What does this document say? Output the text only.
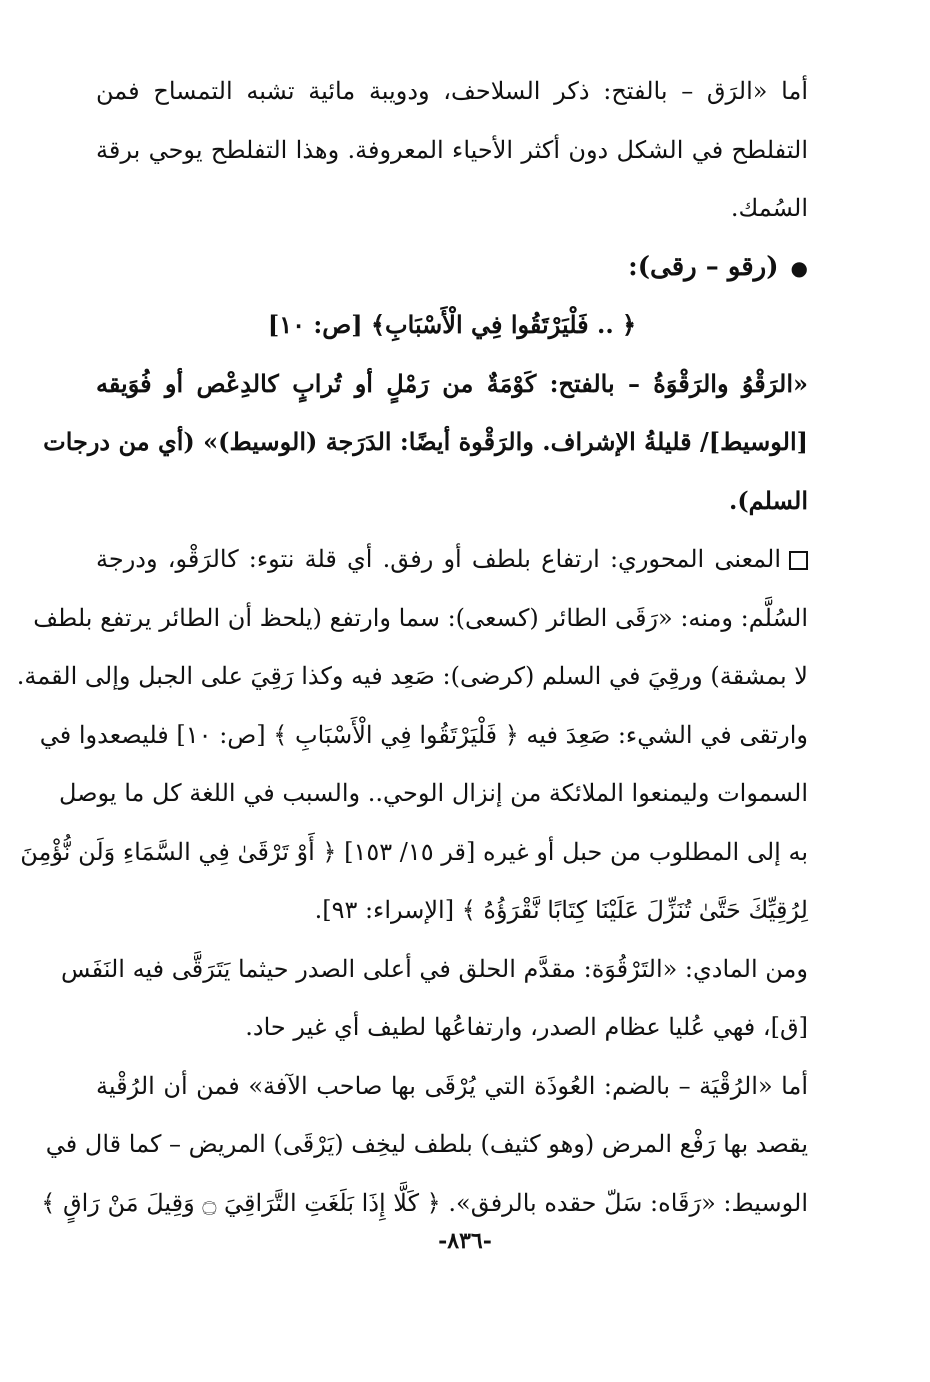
أما «الرَق – بالفتح: ذكر السلاحف، ودويبة مائية تشبه التمساح فمن
التفلطح في الشكل دون أكثر الأحياء المعروفة. وهذا التفلطح يوحي برقة
السُمك.
●(رقو – رقى):
﴿ .. فَلْيَرْتَقُوا فِي الْأَسْبَابِ﴾ [ص: ١٠]
«الرَقْوُ والرَقْوَةُ – بالفتح: كَوْمَةٌ من رَمْلٍ أو تُرابٍ كالدِعْص أو فُوَيقه
[الوسيط]/ قليلةُ الإشراف. والرَقْوة أيضًا: الدَرَجة (الوسيط)» (أي من درجات
السلم).
المعنى المحوري: ارتفاع بلطف أو رفق. أي قلة نتوء: كالرَقْو، ودرجة
السُلَّم: ومنه: «رَقَى الطائر (كسعى): سما وارتفع (يلحظ أن الطائر يرتفع بلطف
لا بمشقة) ورقِيَ في السلم (كرضى): صَعِد فيه وكذا رَقِيَ على الجبل وإلى القمة.
وارتقى في الشيء: صَعِدَ فيه ﴿ فَلْيَرْتَقُوا فِي الْأَسْبَابِ ﴾ [ص: ١٠] فليصعدوا في
السموات وليمنعوا الملائكة من إنزال الوحي.. والسبب في اللغة كل ما يوصل
به إلى المطلوب من حبل أو غيره [قر ١٥/ ١٥٣] ﴿ أَوْ تَرْقَىٰ فِي السَّمَاءِ وَلَن نُّؤْمِنَ
لِرُقِيِّكَ حَتَّىٰ تُنَزِّلَ عَلَيْنَا كِتَابًا نَّقْرَؤُهُ ﴾ [الإسراء: ٩٣].
ومن المادي: «التَرْقُوَة: مقدَّم الحلق في أعلى الصدر حيثما يَتَرَقَّى فيه النَفَس
[ق]، فهي عُليا عظام الصدر، وارتفاعُها لطيف أي غير حاد.
أما «الرُقْيَة – بالضم: العُوذَة التي يُرْقَى بها صاحب الآفة» فمن أن الرُقْية
يقصد بها رَفْع المرض (وهو كثيف) بلطف ليخِف (يَرْقَى) المريض – كما قال في
الوسيط: «رَقَاه: سَلّ حقده بالرفق». ﴿ كَلَّا إِذَا بَلَغَتِ التَّرَاقِيَ ۝ وَقِيلَ مَنْ رَاقٍ ﴾
-٨٣٦-
